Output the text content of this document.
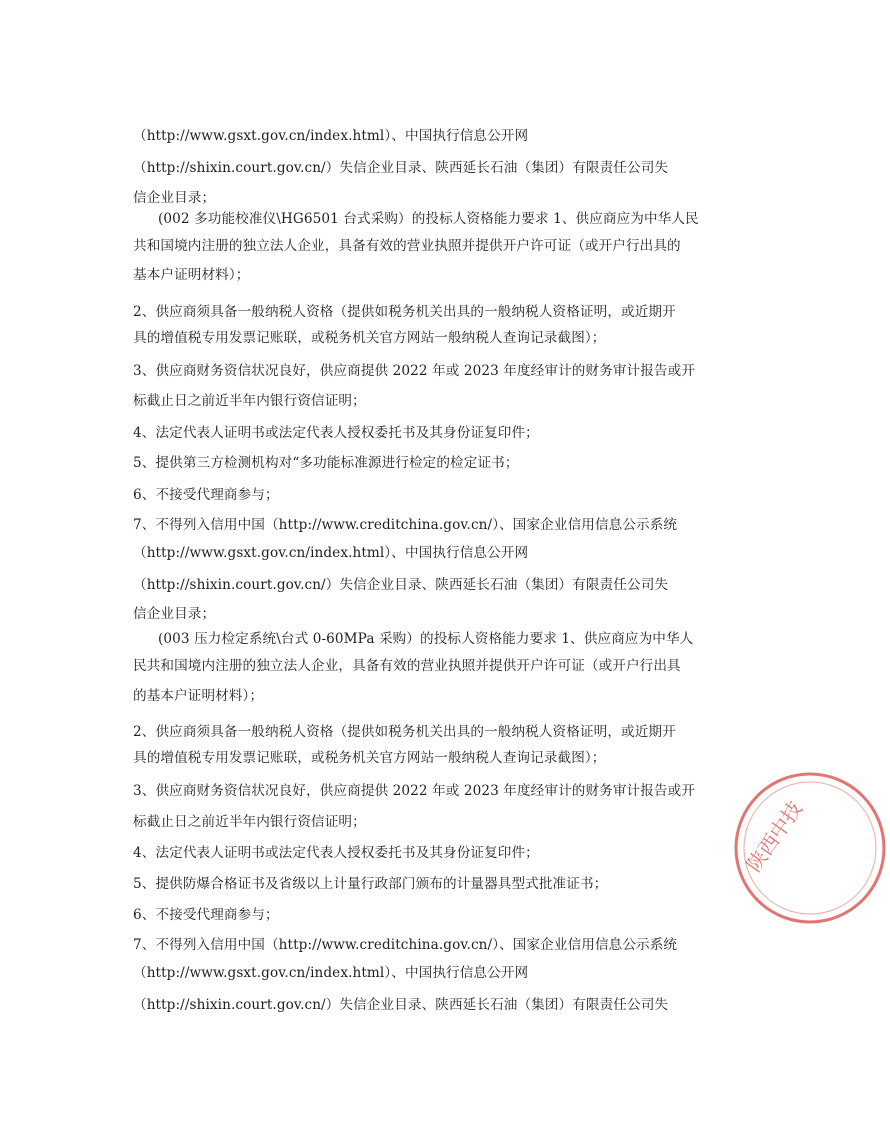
（http://www.gsxt.gov.cn/index.html）、中国执行信息公开网
（http://shixin.court.gov.cn/）失信企业目录、陕西延长石油（集团）有限责任公司失
信企业目录；
(002 多功能校准仪\HG6501 台式采购）的投标人资格能力要求 1、供应商应为中华人民
共和国境内注册的独立法人企业，具备有效的营业执照并提供开户许可证（或开户行出具的
基本户证明材料）；
2、供应商须具备一般纳税人资格（提供如税务机关出具的一般纳税人资格证明，或近期开
具的增值税专用发票记账联，或税务机关官方网站一般纳税人查询记录截图）；
3、供应商财务资信状况良好，供应商提供 2022 年或 2023 年度经审计的财务审计报告或开
标截止日之前近半年内银行资信证明；
4、法定代表人证明书或法定代表人授权委托书及其身份证复印件；
5、提供第三方检测机构对“多功能标准源进行检定的检定证书；
6、不接受代理商参与；
7、不得列入信用中国（http://www.creditchina.gov.cn/）、国家企业信用信息公示系统
（http://www.gsxt.gov.cn/index.html）、中国执行信息公开网
（http://shixin.court.gov.cn/）失信企业目录、陕西延长石油（集团）有限责任公司失
信企业目录；
(003 压力检定系统\台式 0-60MPa 采购）的投标人资格能力要求 1、供应商应为中华人
民共和国境内注册的独立法人企业，具备有效的营业执照并提供开户许可证（或开户行出具
的基本户证明材料）；
2、供应商须具备一般纳税人资格（提供如税务机关出具的一般纳税人资格证明，或近期开
具的增值税专用发票记账联，或税务机关官方网站一般纳税人查询记录截图）；
3、供应商财务资信状况良好，供应商提供 2022 年或 2023 年度经审计的财务审计报告或开
标截止日之前近半年内银行资信证明；
4、法定代表人证明书或法定代表人授权委托书及其身份证复印件；
5、提供防爆合格证书及省级以上计量行政部门颁布的计量器具型式批准证书；
6、不接受代理商参与；
7、不得列入信用中国（http://www.creditchina.gov.cn/）、国家企业信用信息公示系统
（http://www.gsxt.gov.cn/index.html）、中国执行信息公开网
（http://shixin.court.gov.cn/）失信企业目录、陕西延长石油（集团）有限责任公司失
陕西中技
